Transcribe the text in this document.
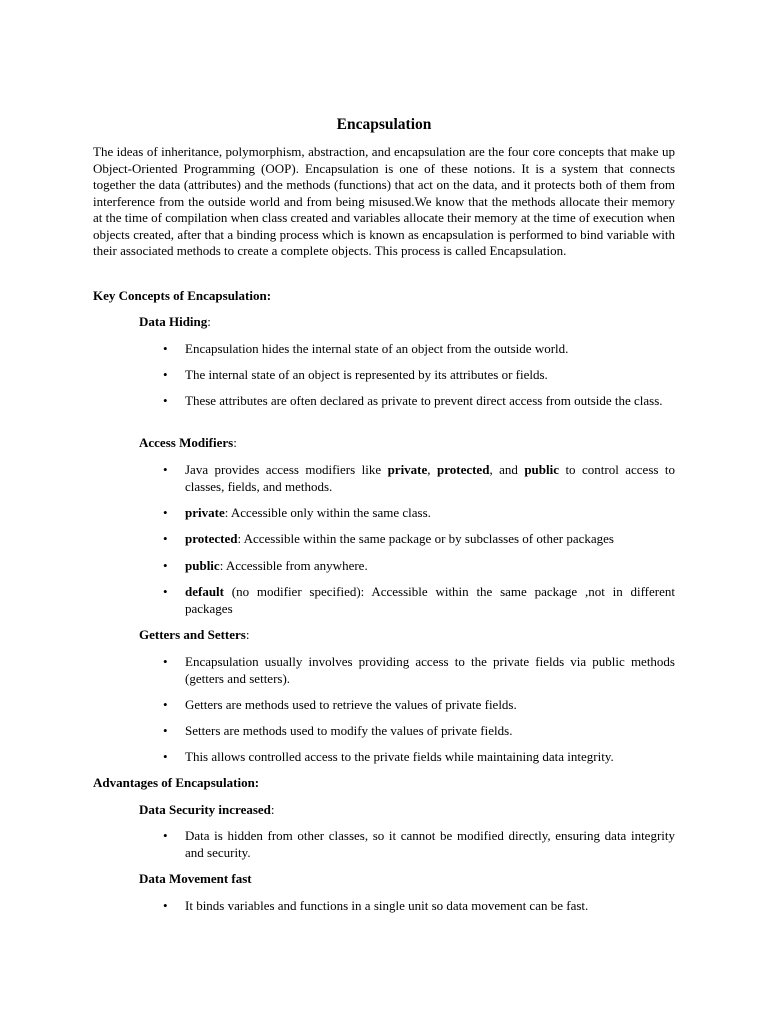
Encapsulation

The ideas of inheritance, polymorphism, abstraction, and encapsulation are the four core concepts that make up Object-Oriented Programming (OOP). Encapsulation is one of these notions. It is a system that connects together the data (attributes) and the methods (functions) that act on the data, and it protects both of them from interference from the outside world and from being misused.We know that the methods allocate their memory at the time of compilation when class created and variables allocate their memory at the time of execution when objects created, after that a binding process which is known as encapsulation is performed to bind variable with their associated methods to create a complete objects. This process is called Encapsulation.

Key Concepts of Encapsulation:

Data Hiding:

• Encapsulation hides the internal state of an object from the outside world.

• The internal state of an object is represented by its attributes or fields.

• These attributes are often declared as private to prevent direct access from outside the class.

Access Modifiers:

• Java provides access modifiers like private, protected, and public to control access to classes, fields, and methods.

• private: Accessible only within the same class.

• protected: Accessible within the same package or by subclasses of other packages

• public: Accessible from anywhere.

• default (no modifier specified): Accessible within the same package ,not in different packages

Getters and Setters:

• Encapsulation usually involves providing access to the private fields via public methods (getters and setters).

• Getters are methods used to retrieve the values of private fields.

• Setters are methods used to modify the values of private fields.

• This allows controlled access to the private fields while maintaining data integrity.

Advantages of Encapsulation:

Data Security increased:

• Data is hidden from other classes, so it cannot be modified directly, ensuring data integrity and security.

Data Movement fast

• It binds variables and functions in a single unit so data movement can be fast.
